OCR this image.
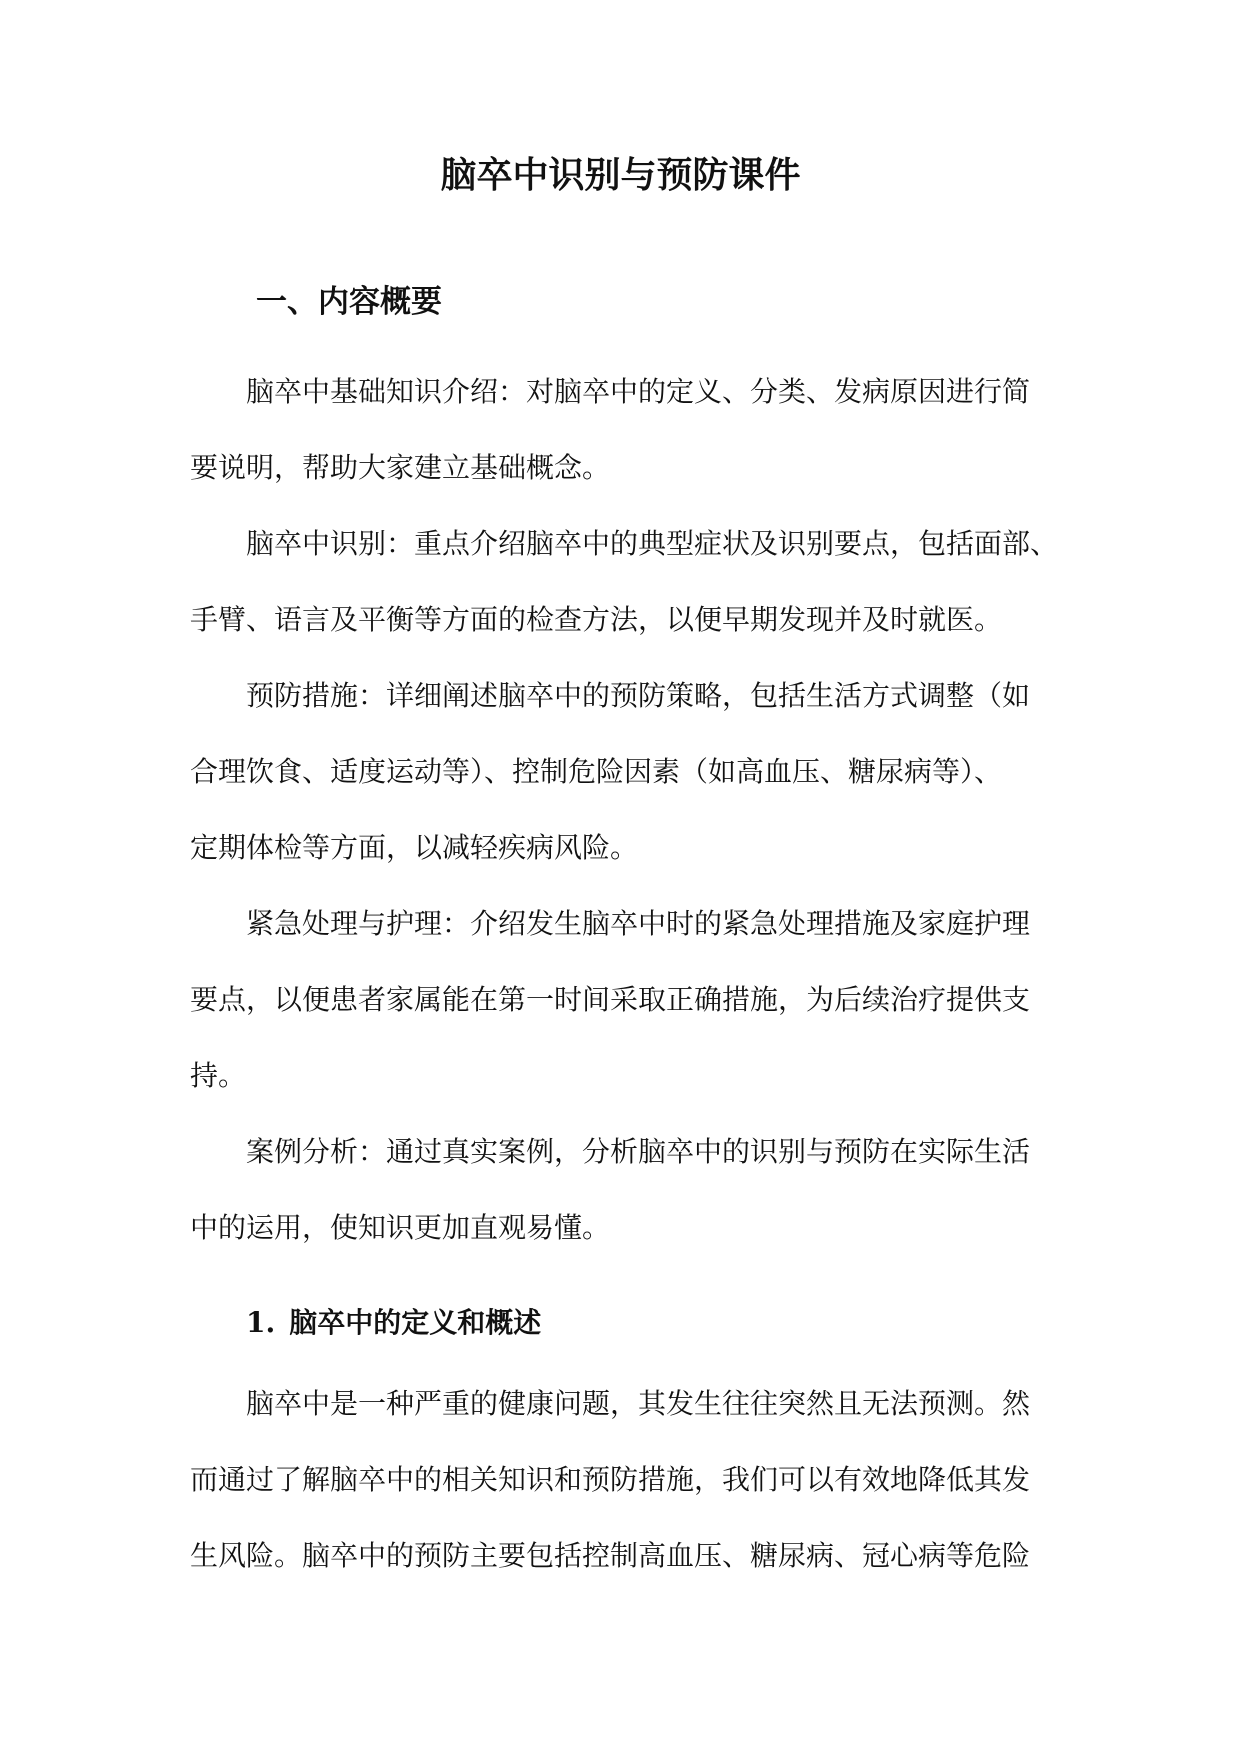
脑卒中识别与预防课件
一、内容概要

脑卒中基础知识介绍：对脑卒中的定义、分类、发病原因进行简

要说明，帮助大家建立基础概念。

脑卒中识别：重点介绍脑卒中的典型症状及识别要点，包括面部、

手臂、语言及平衡等方面的检查方法，以便早期发现并及时就医。

预防措施：详细阐述脑卒中的预防策略，包括生活方式调整（如

合理饮食、适度运动等）、控制危险因素（如高血压、糖尿病等）、

定期体检等方面，以减轻疾病风险。

紧急处理与护理：介绍发生脑卒中时的紧急处理措施及家庭护理

要点，以便患者家属能在第一时间采取正确措施，为后续治疗提供支

持。

案例分析：通过真实案例，分析脑卒中的识别与预防在实际生活

中的运用，使知识更加直观易懂。

1. 脑卒中的定义和概述

脑卒中是一种严重的健康问题，其发生往往突然且无法预测。然

而通过了解脑卒中的相关知识和预防措施，我们可以有效地降低其发

生风险。脑卒中的预防主要包括控制高血压、糖尿病、冠心病等危险
